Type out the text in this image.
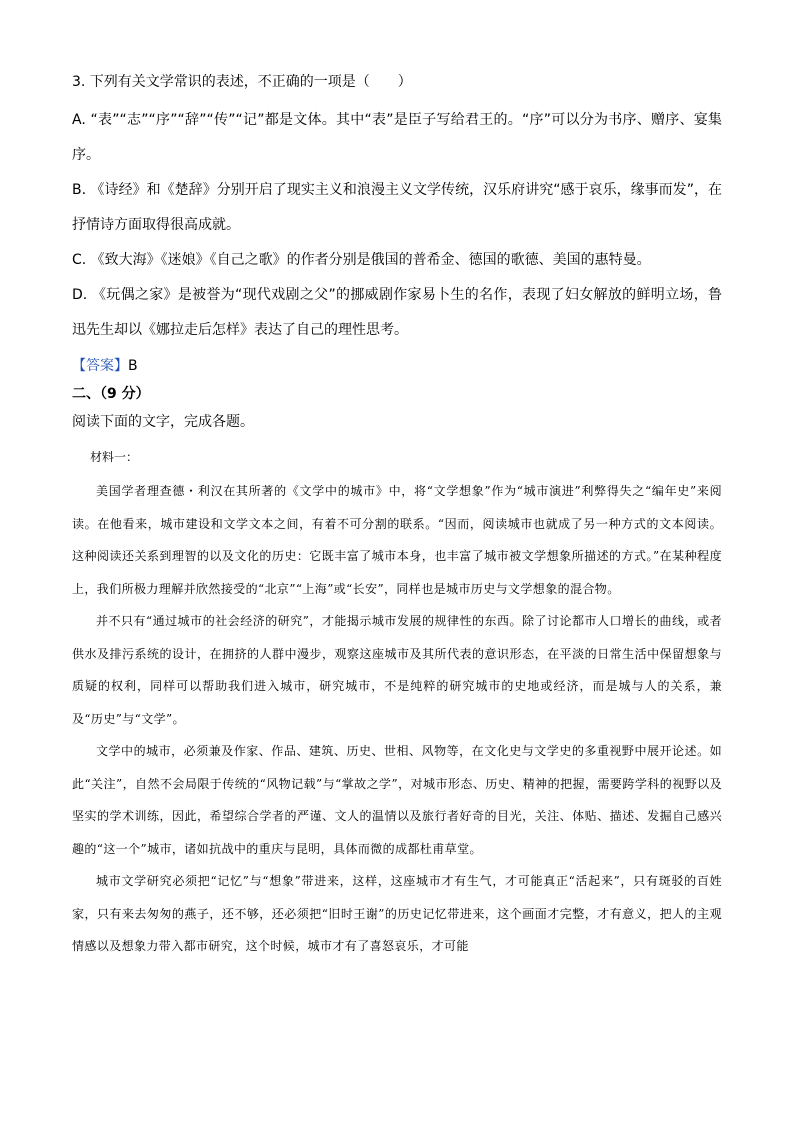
3. 下列有关文学常识的表述，不正确的一项是（　　）

A. “表”“志”“序”“辞”“传”“记”都是文体。其中“表”是臣子写给君王的。“序”可以分为书序、赠序、宴集序。

B. 《诗经》和《楚辞》分别开启了现实主义和浪漫主义文学传统，汉乐府讲究“感于哀乐，缘事而发”，在抒情诗方面取得很高成就。

C. 《致大海》《迷娘》《自己之歌》的作者分别是俄国的普希金、德国的歌德、美国的惠特曼。

D. 《玩偶之家》是被誉为“现代戏剧之父”的挪威剧作家易卜生的名作，表现了妇女解放的鲜明立场，鲁迅先生却以《娜拉走后怎样》表达了自己的理性思考。

【答案】B

二、（9 分）

阅读下面的文字，完成各题。

材料一：

美国学者理查德・利汉在其所著的《文学中的城市》中，将“文学想象”作为“城市演进”利弊得失之“编年史”来阅读。在他看来，城市建设和文学文本之间，有着不可分割的联系。“因而，阅读城市也就成了另一种方式的文本阅读。这种阅读还关系到理智的以及文化的历史：它既丰富了城市本身，也丰富了城市被文学想象所描述的方式。”在某种程度上，我们所极力理解并欣然接受的“北京”“上海”或“长安”，同样也是城市历史与文学想象的混合物。

并不只有“通过城市的社会经济的研究”，才能揭示城市发展的规律性的东西。除了讨论都市人口增长的曲线，或者供水及排污系统的设计，在拥挤的人群中漫步，观察这座城市及其所代表的意识形态，在平淡的日常生活中保留想象与质疑的权利，同样可以帮助我们进入城市，研究城市，不是纯粹的研究城市的史地或经济，而是城与人的关系，兼及“历史”与“文学”。

文学中的城市，必须兼及作家、作品、建筑、历史、世相、风物等，在文化史与文学史的多重视野中展开论述。如此“关注”，自然不会局限于传统的“风物记载”与“掌故之学”，对城市形态、历史、精神的把握，需要跨学科的视野以及坚实的学术训练，因此，希望综合学者的严谨、文人的温情以及旅行者好奇的目光，关注、体贴、描述、发掘自己感兴趣的“这一个”城市，诸如抗战中的重庆与昆明，具体而微的成都杜甫草堂。

城市文学研究必须把“记忆”与“想象”带进来，这样，这座城市才有生气，才可能真正“活起来”，只有斑驳的百姓家，只有来去匆匆的燕子，还不够，还必须把“旧时王谢”的历史记忆带进来，这个画面才完整，才有意义，把人的主观情感以及想象力带入都市研究，这个时候，城市才有了喜怒哀乐，才可能
